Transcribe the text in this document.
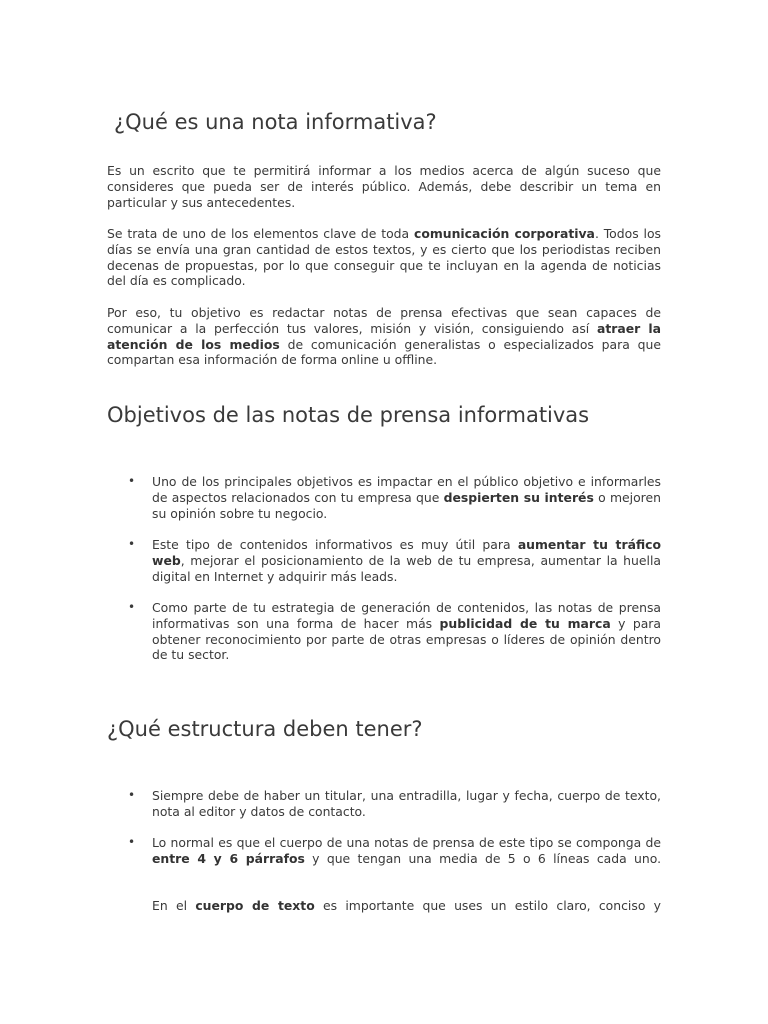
¿Qué es una nota informativa?

Es un escrito que te permitirá informar a los medios acerca de algún suceso que consideres que pueda ser de interés público. Además, debe describir un tema en particular y sus antecedentes.

Se trata de uno de los elementos clave de toda comunicación corporativa. Todos los días se envía una gran cantidad de estos textos, y es cierto que los periodistas reciben decenas de propuestas, por lo que conseguir que te incluyan en la agenda de noticias del día es complicado.

Por eso, tu objetivo es redactar notas de prensa efectivas que sean capaces de comunicar a la perfección tus valores, misión y visión, consiguiendo así atraer la atención de los medios de comunicación generalistas o especializados para que compartan esa información de forma online u offline.

Objetivos de las notas de prensa informativas
• Uno de los principales objetivos es impactar en el público objetivo e informarles de aspectos relacionados con tu empresa que despierten su interés o mejoren su opinión sobre tu negocio.
• Este tipo de contenidos informativos es muy útil para aumentar tu tráfico web, mejorar el posicionamiento de la web de tu empresa, aumentar la huella digital en Internet y adquirir más leads.
• Como parte de tu estrategia de generación de contenidos, las notas de prensa informativas son una forma de hacer más publicidad de tu marca y para obtener reconocimiento por parte de otras empresas o líderes de opinión dentro de tu sector.
¿Qué estructura deben tener?
• Siempre debe de haber un titular, una entradilla, lugar y fecha, cuerpo de texto, nota al editor y datos de contacto.
• Lo normal es que el cuerpo de una notas de prensa de este tipo se componga de entre 4 y 6 párrafos y que tengan una media de 5 o 6 líneas cada uno.
En el cuerpo de texto es importante que uses un estilo claro, conciso y
